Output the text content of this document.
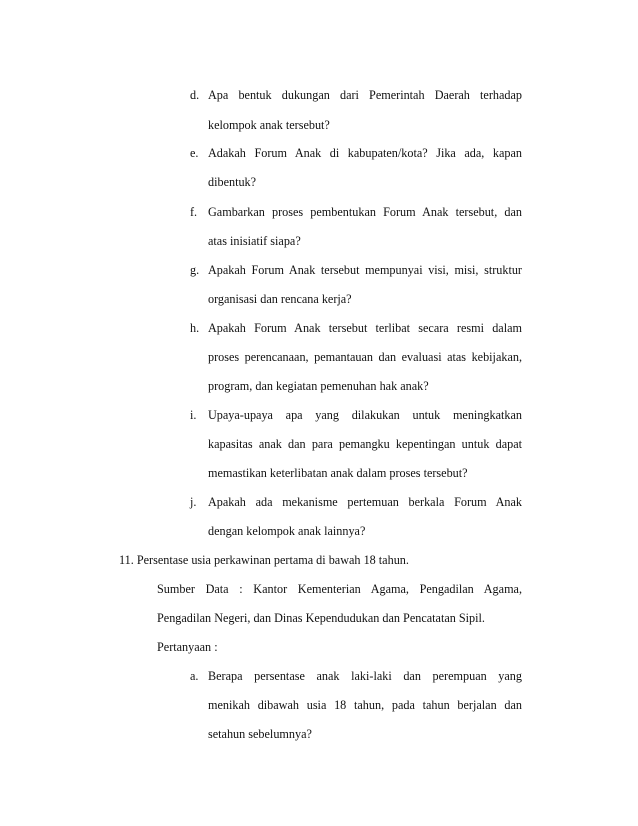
d. Apa bentuk dukungan dari Pemerintah Daerah terhadap
kelompok anak tersebut?
e. Adakah Forum Anak di kabupaten/kota? Jika ada, kapan
dibentuk?
f. Gambarkan proses pembentukan Forum Anak tersebut, dan
atas inisiatif siapa?
g. Apakah Forum Anak tersebut mempunyai visi, misi, struktur
organisasi dan rencana kerja?
h. Apakah Forum Anak tersebut terlibat secara resmi dalam
proses perencanaan, pemantauan dan evaluasi atas kebijakan,
program, dan kegiatan pemenuhan hak anak?
i. Upaya-upaya apa yang dilakukan untuk meningkatkan
kapasitas anak dan para pemangku kepentingan untuk dapat
memastikan keterlibatan anak dalam proses tersebut?
j. Apakah ada mekanisme pertemuan berkala Forum Anak
dengan kelompok anak lainnya?
11. Persentase usia perkawinan pertama di bawah 18 tahun.
Sumber Data : Kantor Kementerian Agama, Pengadilan Agama,
Pengadilan Negeri, dan Dinas Kependudukan dan Pencatatan Sipil.
Pertanyaan :
a. Berapa persentase anak laki-laki dan perempuan yang
menikah dibawah usia 18 tahun, pada tahun berjalan dan
setahun sebelumnya?
